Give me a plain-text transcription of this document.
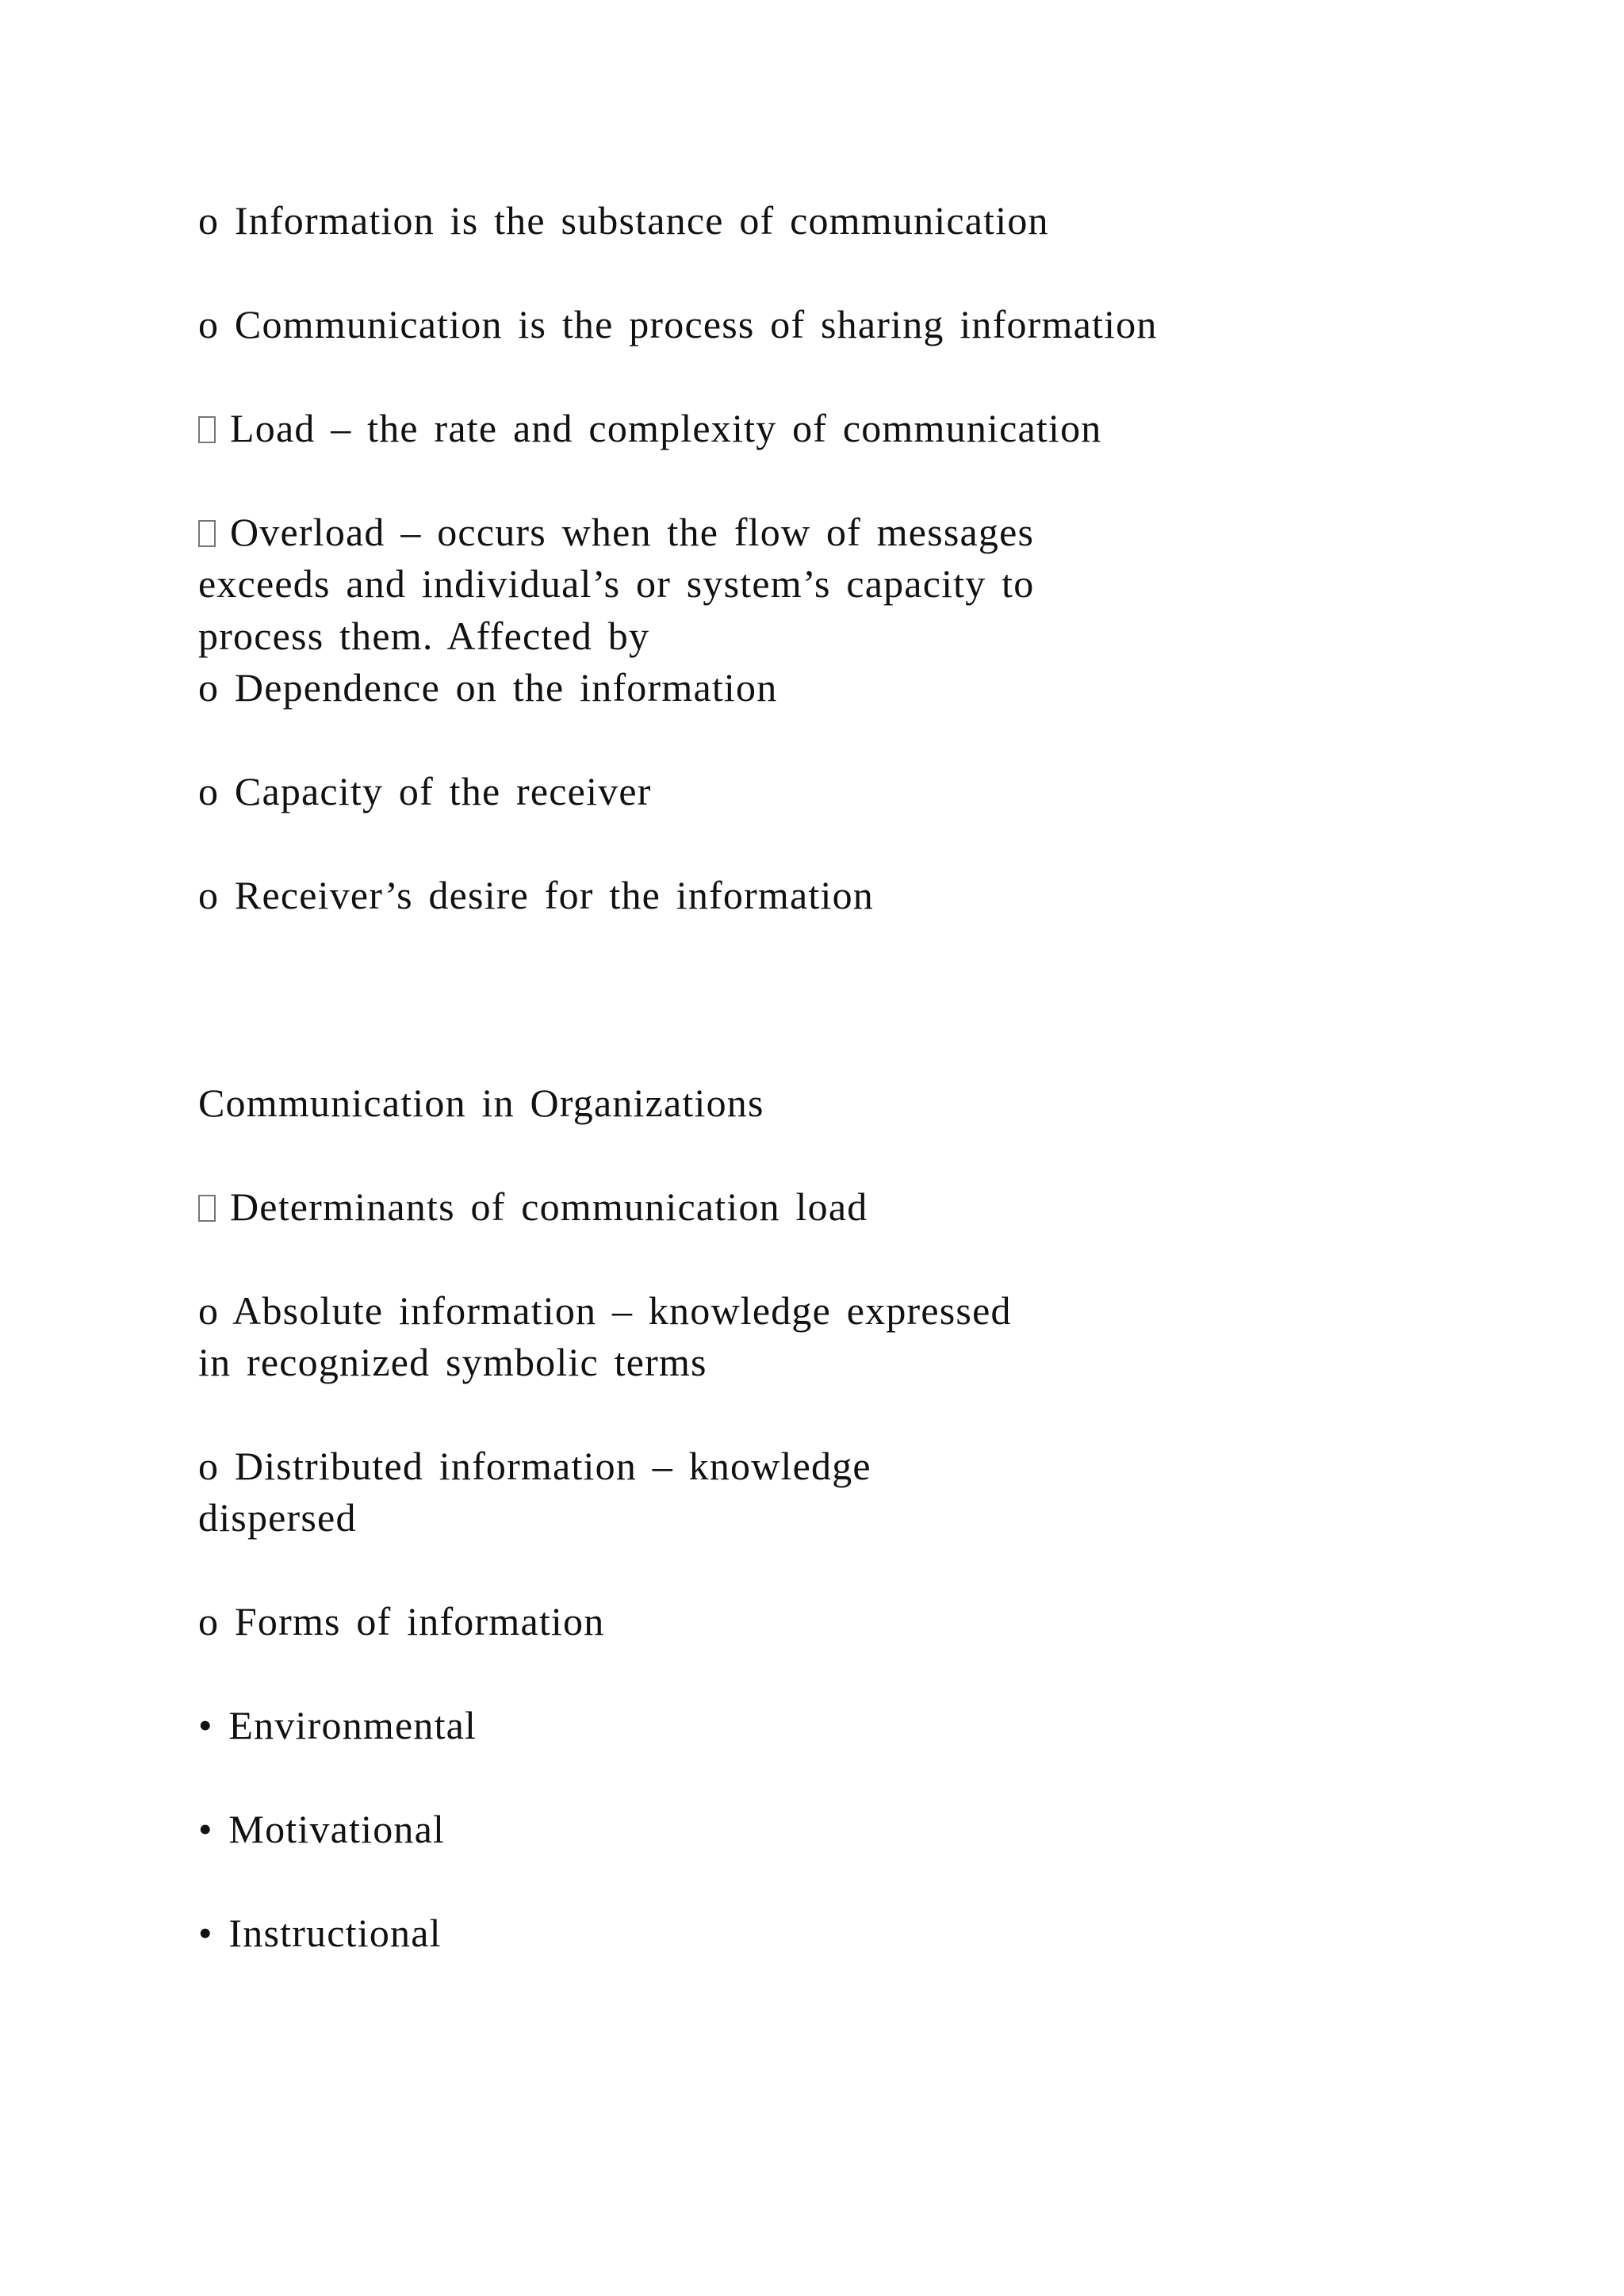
o Information is the substance of communication
o Communication is the process of sharing information
Load – the rate and complexity of communication
Overload – occurs when the flow of messages
exceeds and individual’s or system’s capacity to
process them. Affected by
o Dependence on the information
o Capacity of the receiver
o Receiver’s desire for the information
Communication in Organizations
Determinants of communication load
o Absolute information – knowledge expressed
in recognized symbolic terms
o Distributed information – knowledge
dispersed
o Forms of information
• Environmental
• Motivational
• Instructional
